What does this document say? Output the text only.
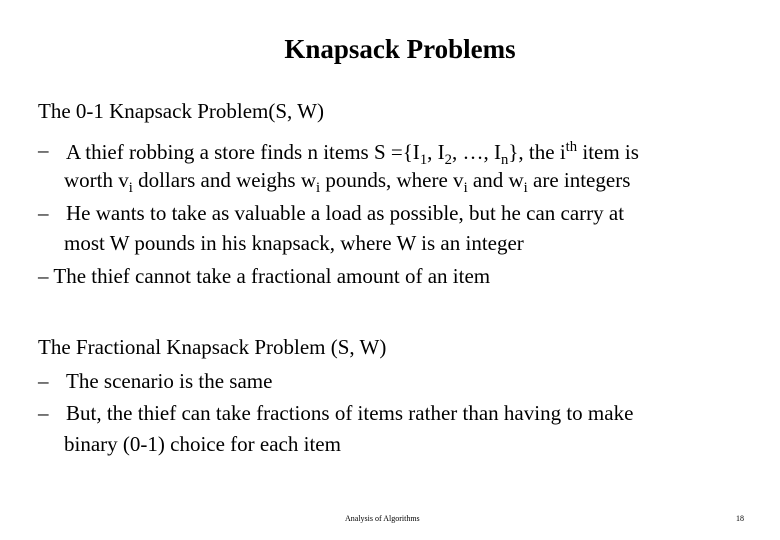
Knapsack Problems
The 0-1 Knapsack Problem(S, W)
– A thief robbing a store finds n items $S =\{I_1$, $I_2$, …, $I_n$}, the $i^{th}$ item is
worth $v_i$ dollars and weighs $w_i$ pounds, where $v_i$ and $w_i$ are integers
– He wants to take as valuable a load as possible, but he can carry at
most W pounds in his knapsack, where W is an integer
– The thief cannot take a fractional amount of an item
The Fractional Knapsack Problem (S, W)
– The scenario is the same
– But, the thief can take fractions of items rather than having to make
binary (0-1) choice for each item
Analysis of Algorithms	18
